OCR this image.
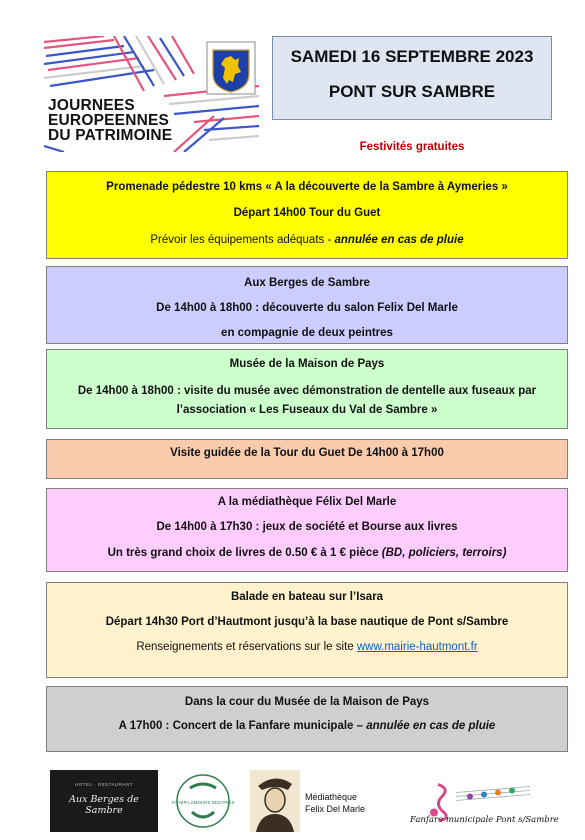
JOURNEES
EUROPEENNES
DU PATRIMOINE
SAMEDI 16 SEPTEMBRE 2023
PONT SUR SAMBRE
Festivités gratuites

Promenade pédestre 10 kms « A la découverte de la Sambre à Aymeries »

Départ 14h00 Tour du Guet

Prévoir les équipements adéquats - annulée en cas de pluie

Aux Berges de Sambre

De 14h00 à 18h00 : découverte du salon Felix Del Marle

en compagnie de deux peintres

Musée de la Maison de Pays

De 14h00 à 18h00 : visite du musée avec démonstration de dentelle aux fuseaux par

l’association « Les Fuseaux du Val de Sambre »

Visite guidée de la Tour du Guet De 14h00 à 17h00

A la médiathèque Félix Del Marle

De 14h00 à 17h30 : jeux de société et Bourse aux livres

Un très grand choix de livres de 0.50 € à 1 € pièce (BD, policiers, terroirs)

Balade en bateau sur l’Isara

Départ 14h30 Port d’Hautmont jusqu’à la base nautique de Pont s/Sambre

Renseignements et réservations sur le site www.mairie-hautmont.fr

Dans la cour du Musée de la Maison de Pays

A 17h00 : Concert de la Fanfare municipale – annulée en cas de pluie

HOTEL · RESTAURANT
Aux Berges de Sambre
FOYER LAMOURS DES PRÉS
Médiathèque
Felix Del Marle
Fanfare municipale Pont s/Sambre
